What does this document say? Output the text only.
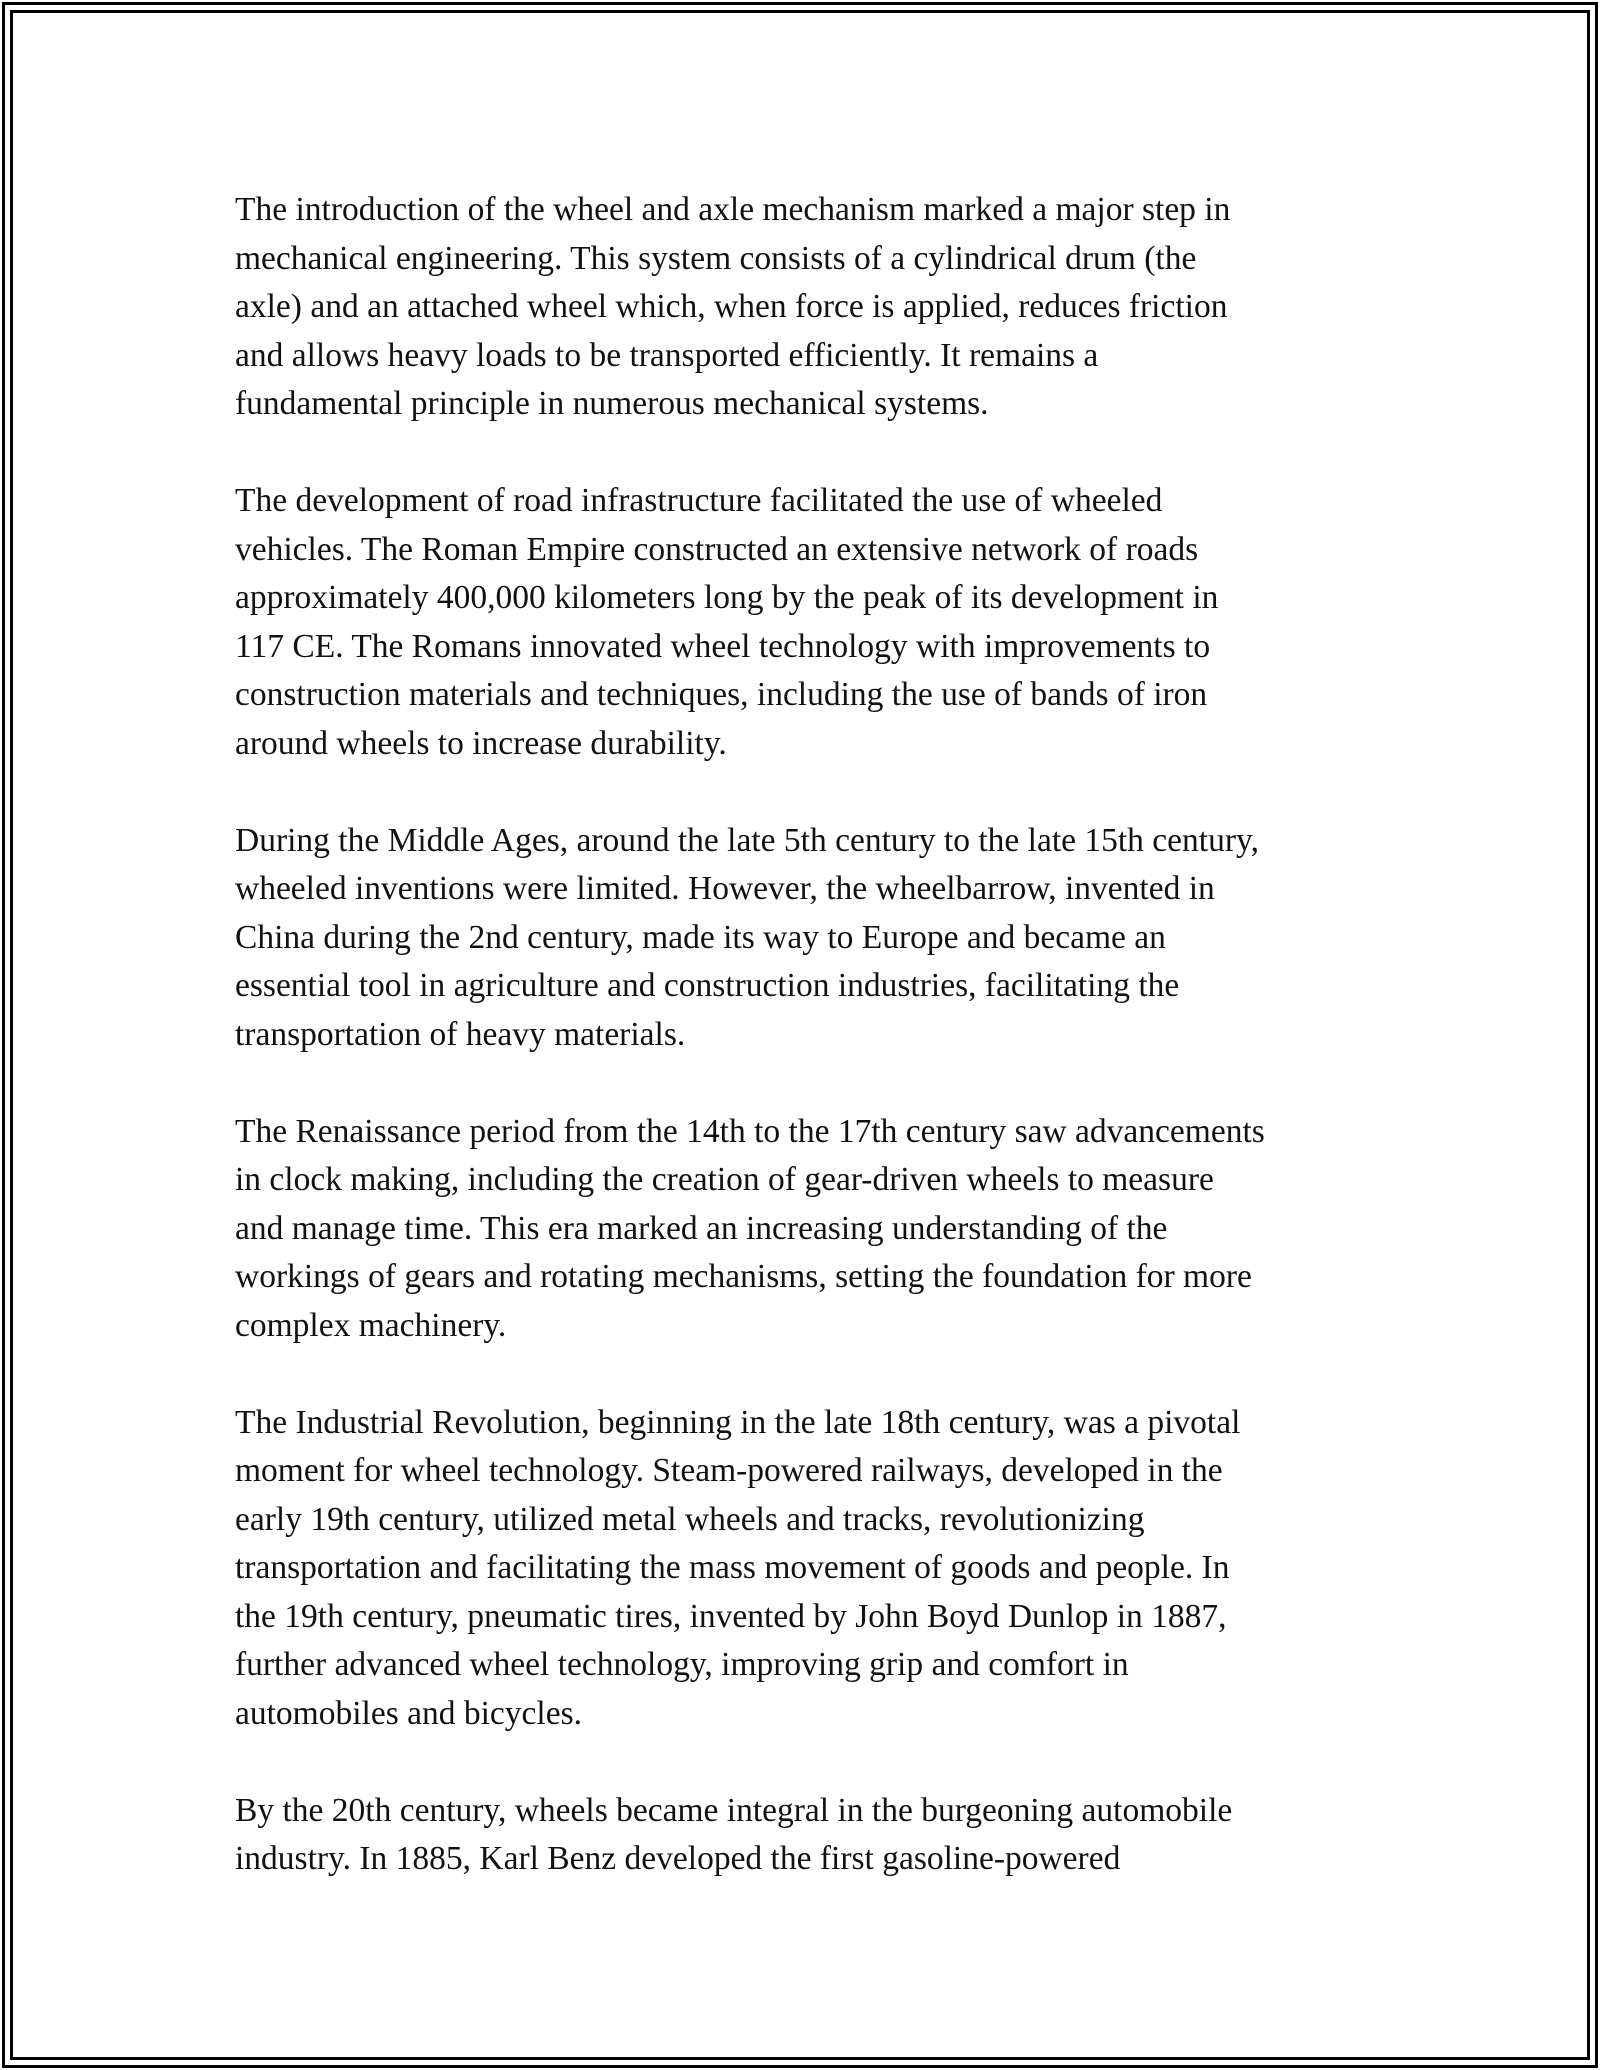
The introduction of the wheel and axle mechanism marked a major step in
mechanical engineering. This system consists of a cylindrical drum (the
axle) and an attached wheel which, when force is applied, reduces friction
and allows heavy loads to be transported efficiently. It remains a
fundamental principle in numerous mechanical systems.
The development of road infrastructure facilitated the use of wheeled
vehicles. The Roman Empire constructed an extensive network of roads
approximately 400,000 kilometers long by the peak of its development in
117 CE. The Romans innovated wheel technology with improvements to
construction materials and techniques, including the use of bands of iron
around wheels to increase durability.
During the Middle Ages, around the late 5th century to the late 15th century,
wheeled inventions were limited. However, the wheelbarrow, invented in
China during the 2nd century, made its way to Europe and became an
essential tool in agriculture and construction industries, facilitating the
transportation of heavy materials.
The Renaissance period from the 14th to the 17th century saw advancements
in clock making, including the creation of gear-driven wheels to measure
and manage time. This era marked an increasing understanding of the
workings of gears and rotating mechanisms, setting the foundation for more
complex machinery.
The Industrial Revolution, beginning in the late 18th century, was a pivotal
moment for wheel technology. Steam-powered railways, developed in the
early 19th century, utilized metal wheels and tracks, revolutionizing
transportation and facilitating the mass movement of goods and people. In
the 19th century, pneumatic tires, invented by John Boyd Dunlop in 1887,
further advanced wheel technology, improving grip and comfort in
automobiles and bicycles.
By the 20th century, wheels became integral in the burgeoning automobile
industry. In 1885, Karl Benz developed the first gasoline-powered
